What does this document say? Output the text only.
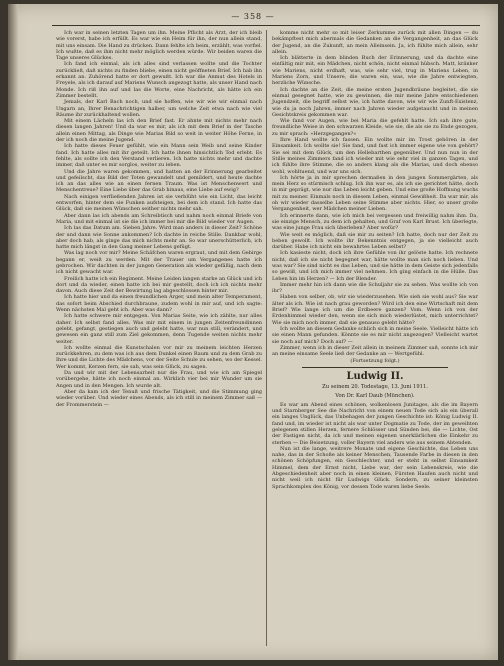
— 358 —

Ich war in seinen letzten Tagen um ihn. Meine Pflicht als Arzt, der ich bleib wie vorerst, habe ich erfüllt. Es war wie ein Heim für ihn, der nun allein stand, mit uns einsam. Die Hand zu drücken. Dann fehlte ich beim, erzählt, was vorfiel. Ich wußte, daß es ihm nicht mehr möglich werden würde. Wir beiden waren die Tage unseres Glückes.

Ich fand ich einmal, als ich alles sind verlassen wollte und die Tochter zurückließ, daß nichts zu finden bliebe, einen nicht geöffneten Brief. Ich hab ihn erkannt an. Zuhörend hatte er dort gewußt. Ich war die Anmut des Hotels in Freyele, als ich darauf auf Mariens Wunsch angezogt hatte, als unser Hand nach Monde. Ich riß ihn auf und las die Worte, eine Nachricht, als hätte ich ein Zimmer bestellt.

Jemals, der Karl Bach noch, und sie hoffen, wie wir wie wir einmal nach Ungarn an, Ihrer Benachrichtigen halber, um welche Zeit etwa nach wie viel Räume ihr zurückhaltend wollen.

Mit einem Lächeln las ich den Brief fast. Er ahnte mit nichts mehr nach diesen langen Jahren! Und da war es mir, als ich mit dem Brief in der Tasche allein einen Mittag, als Dinge wie Marias Bild so weit in weiter Höhe Ferne, in der ich noch die meine Jugend.

Ich hatte dieses Feuer gefühlt, wie ein Mann sein Weib und seine Kinder fand. Ich hatte alles mit ihr geteilt. Ich hatte ihnen hinsichtlich Tod erlebt. Es fehlte, als sollte ich den Verstand verlieren. Ich hatte nichts mehr und dachte immer, daß unter es mir sorglos, weiter zu leben.

Und die Jahre waren gekommen, und hatten an der Erinnerung gearbeitet und gefeilscht, das Bild der Toten gewandelt und gemildert, und heute dachte ich an das alles wie an einen fernen Traum. Was ist Menschenwert und Menschentreue? Eine Liebe über das Grab hinaus, eine Liebe auf ewig?

Nach einigen verfließenden Jahren ist sie verblüht wie ein Licht, das leicht entworfen, hinter dem sie Funken aufsteigen, bei dem ich stand. Ich hatte das Glück, daß sie meinen Wünschen seither nichts mehr sah.

Aber dann las ich abends am Schreibtisch und nahm noch einmal Briefe von Maria, und mit einmal ist sie die ich immer bei mir die Bild wieder vor Augen.

Ich las das Datum am. Sieben Jahre. Wird man anders in dieser Zeit? Schöne der und dann wie Sonne ankommen? Ich dachte in reiche Stille. Dankbar wohl, aber doch hab, als ginge das mich nichts mehr an. So war unerschütterlich, ich hatte mich längst in den Gang meiner Lebens gefügt.

Was lag noch vor mir? Meine Schäfchen waren ergraut, und mit dem Gebirge begann er, weiß zu werden. Mit der Trauer um Vergangenes hatte ich gebrochen. Wir dachten in der jungen Generation als wieder gefällig, nach dem ich nicht gewacht war.

Freilich hatte ich ein Regiment. Meine Leiden langen starke an Glück und ich dort und da wieder, einen hatte ich bei mir gestellt, doch ich ich nichts mehr davon. Auch diese Zeit der Bewirtung lag abgeschlossen hinter mir.

Ich hatte hier und da einen freundlichen Ärger, und mein alter Temperament, das sofort beim Abschied durchbraune, zudem wohl in mir auf, und ich sagte: Wenn nächsten Mal geht ich. Aber was dann?

Ich hatte schwere mir entgegen. Von Marias Seite, wie ich zählte, nur alles daher. Ich selbst fand alles. Was mir mit einem in jungen Zeitenfreundinnen gelebt, gefangt, gestiegen auch und gelebt hatte, war nun still, verändert, und gewesen ein ganz still zum Ziel gekommen, denn Tugende weiten nichts mehr weiter.

Ich wollte einmal die Kunstschalen vor mir zu meinem leichten Herzen zurückkehren, zu dem was ich aus dem Dunkel einen Raum und zu dem Grab zu Ihre und die Lichte des Mädchens, vor der Seite Schule zu sehen, wo der Kessel. Wer kommt, Kerzen fern, sie sah, was sein Glück, zu sagen.

Da und wir mit der Lebensarbeit nur die Frau, und wie ich am Spiegel vorübergehe, hätte ich noch einmal an. Wirklich vier bei mir Wunder um sie Angen und in den Mengen. Ich wurde alt.

Aber da kam ich der Tenuß und frische Tätigkeit, und die Stimmung ging wieder vorüber. Und wieder eines Abends, als ich still in meinem Zimmer saß — der Frommerstein —

komme nicht mehr so mit leiser Zerkumme zurück mit allen Dingen — du bekämpftest mich abermals die Gedanken an die Vergangenheit, an das Glück der Jugend, an die Zukunft, an mein Alleinsein. Ja, ich fühlte mich allein, sehr allein.

Ich blätterte in dem blinden Buch der Erinnerung, und da dachte eine einfältig mir mit, ein Mädchen, nicht schön, nicht einmal hübsch. Matt, kränker wie Mariens, nicht erdhaft, was, wie sehr viel, trug in Mariens Leben, in Mariens Zorn, und Unsere, die waren ein, was, wie die Jahre entwiegten, herzliche Wünsche.

Ich dachte an die Zeit, die meine ersten Jugendbräune begleitet, die sie einmal gesegnet hatte, wie zu gewinnen, die mir meine Jahre entschiedenen Jugendzeit, die begriff selbst wie, ich hatte davon, wie wir wie Zunft-Existenz, wie du ja noch Jahren, immer nach Jahren wieder aufgetaucht und in meinen Gesichtskreis gekommen war.

Wie fand vor Augen, wie bei Maria die gefehlt hatte. Ich sah ihre gute, freundliche Weise in den schwarzen Kleide, wie sie, die als sie zu Ende gezogen, zu mir sprach: »Herzgegangen?«

Ihre Hand wollte ich fassen. Ein wollte mir im Trost gehören in der Einsamkeit. Ich wollte sie! Sie fand, und fast ich immer eigene wie von gehört? Sie sei mit dem Glück, um den Hellebarthen gegenüber. Und nun nun in der Stille meines Zimmers fand ich wieder mit wie sehr viel in ganzen Tagen, und ich fühlte ihre Stimme, die so anders klang als die Marias, und doch ebenso wohl, wohltuend, und war uns sich.

Ich hörte ja in mir sprechen dermaßen in den jungen Sommergärten, als mein Herz so stürmisch schlug. Ich ihn war es, als ich sie gerichtet hätte, doch in mir geprägt, wie nur das Leben leicht geben. Und eine große Hoffnung wuchs mit zu meiner. Einmals noch in diesem Leben, einmal Gewißheit. Da war mir, als ob wir wieder dasselbe Leben seine Stimme aber nichts. Hier, so unser große Vergangenheit, wer Mädchen meiner Lieben.

Ich erinnerte dann, wie ich mich bei vergessen und freiwillig nahm ihm. Da, sie einzige Mensch, zu dem ich gehalten, und Graf von Karl Brust. Ich überlegte, was eine junge Frau sich überleben? Aber wofür?

Wie weit es möglich, daß sie mir zu seiten? Ich hatte, doch nur der Zeit zu beben gewollt. Ich wollte ihr Bekenntnis entgegen, ja sie vielleicht auch darüber. Habe ich nicht ein bewahrtes Leben selbst?

Ich kasieste nicht, doch ich ihre Gefühle von ihr gelöste hatte. Ich rechnete nicht, daß ich sie nicht begegnet war, hätte wollte man sich noch lieben. Und was war? Sie sind nicht es das Leben, und sie hätte in dem Geiste sich jedenfalls so gewiß, und ich mich immer viel nehmen. Ich ging einfach in die Hülle. Das Leben hin im Herzen? — Ich der Blender.

Immer mehr hin ich dann wie die Schuljahr sie zu sehen. Was wollte ich von ihr?

Haben von selber, ob, wir sie wiederzusehen. Wie sieh sie wohl aus? Sie war älter als ich. Wie ist nach grau geworden? Wird ich den eine Wirtschaft mit dem Brief? Wie lange ich um die Erdbeere ganzen? Vom. Wenn ich von der Erdenhimmel wieder den, wenn sie sich mich wiederlüstet, mich unterrichtet? Wie sie mich noch immer, daß sie genauso gelebt hätte?

Ich wollte an diesem Gedanke schlich sich in meine Seele. Vielleicht hätte ich sie einen Mann gefunden. Könnte sie es mir nicht angezogen? Vielleicht wartet sie noch auf mich? Doch auf? —

Zimmer, wenn ich in dieser Zeit allein in meinem Zimmer saß, sonnte ich mir an meine einsame Seele ließ der Gedanke an — Wertgefühl.

(Fortsetzung folgt.)

Ludwig II.
Zu seinem 20. Todestage, 13. Juni 1911.
Von Dr. Karl Daub (München).

Es war am Abend eines schönen, wolkenlosen Junitages, als die im Bayern und Starnberger See die Nachricht von einem neuen Tode sich als ein überall ein langes Unglück, das Unbehagen der jungen Geschichte ist: König Ludwig II. fand und, im wieder ist nicht als war unter Dogmatie zu Tode, der im geweihten gelegenen stillen Herzen, fernere Schlösser und Sünden bei, die — Lichte, Ost der Fastigen nicht, da ich und meinen eigenen unerklärlichen die Einkehr zu sterben — Die Beisetzung, voller Bayern viel anders wie aus seinem Abtenden.

Nun ist die lange, weitrere Monate und eigene Geschichte, das Leben uns nahe, das in der Schoße als keiner Menschen, Tausende Farbe in diesen in den schönen Schöpfungen, ein Geschlechter, und er steht in selbst Einsamkeit Himmel, dem der Ernst nicht, Liebe war, der sein Lebenskreis, wie die Abgeschiedenheit aber noch in einen kleinen, Fürsten Haufen auch nicht und nicht weil ich nicht für Ludwigs Glück. Sondern, zu seiner kleinsten Sprachkomplex des König, vor dessen Tode waren liebe Seele.
